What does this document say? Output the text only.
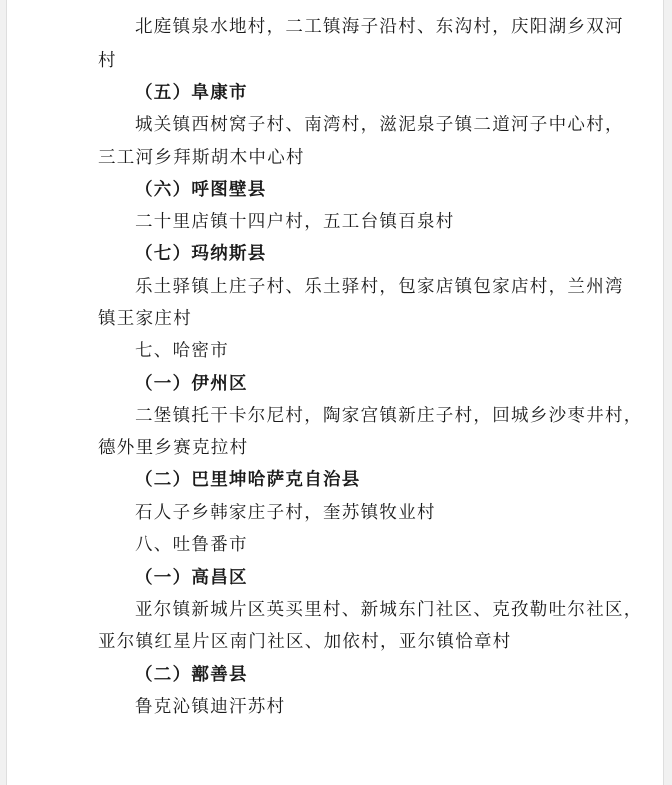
北庭镇泉水地村，二工镇海子沿村、东沟村，庆阳湖乡双河
村
（五）阜康市
城关镇西树窝子村、南湾村，滋泥泉子镇二道河子中心村，
三工河乡拜斯胡木中心村
（六）呼图壁县
二十里店镇十四户村，五工台镇百泉村
（七）玛纳斯县
乐土驿镇上庄子村、乐土驿村，包家店镇包家店村，兰州湾
镇王家庄村
七、哈密市
（一）伊州区
二堡镇托干卡尔尼村，陶家宫镇新庄子村，回城乡沙枣井村，
德外里乡赛克拉村
（二）巴里坤哈萨克自治县
石人子乡韩家庄子村，奎苏镇牧业村
八、吐鲁番市
（一）高昌区
亚尔镇新城片区英买里村、新城东门社区、克孜勒吐尔社区，
亚尔镇红星片区南门社区、加依村，亚尔镇恰章村
（二）鄯善县
鲁克沁镇迪汗苏村
